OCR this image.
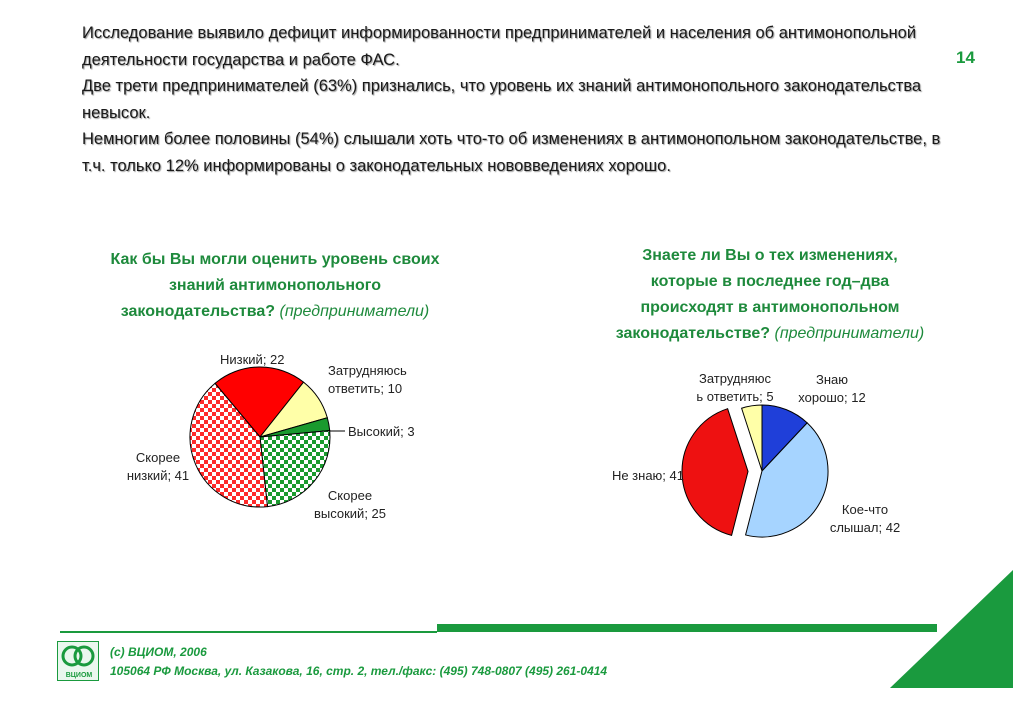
Исследование выявило дефицит информированности предпринимателей и населения об антимонопольной деятельности государства и работе ФАС.

Две трети предпринимателей (63%) признались, что уровень их знаний антимонопольного законодательства невысок.

Немногим более половины (54%) слышали хоть что-то об изменениях в антимонопольном законодательстве, в т.ч. только 12% информированы о законодательных нововведениях хорошо.

14
Как бы Вы могли оценить уровень своих
знаний антимонопольного
законодательства? (предприниматели)
Знаете ли Вы о тех изменениях,
которые в последнее год–два
происходят в антимонопольном
законодательстве? (предприниматели)
Низкий; 22
Затрудняюсь ответить; 10
Высокий; 3
Скорее высокий; 25
Скорее низкий; 41
Знаю хорошо; 12
Кое-что слышал; 42
Не знаю; 41
Затрудняюс ь ответить; 5
ВЦИОМ
(c) ВЦИОМ, 2006
105064 РФ Москва, ул. Казакова, 16, стр. 2, тел./факс: (495) 748-0807 (495) 261-0414
